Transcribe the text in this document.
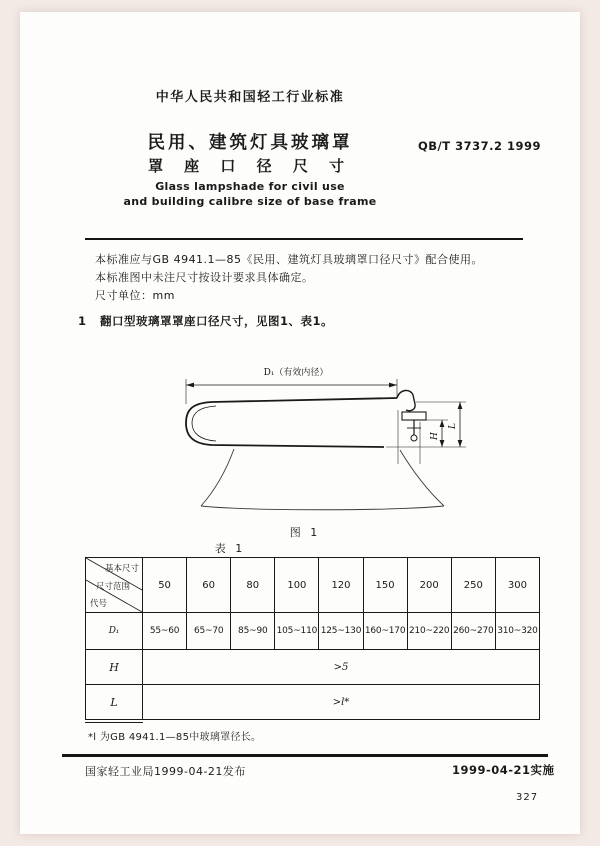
中华人民共和国轻工行业标准
民用、建筑灯具玻璃罩	QB/T 3737.2 1999
罩 座 口 径 尺 寸
Glass lampshade for civil use
and building calibre size of base frame
本标准应与GB 4941.1—85《民用、建筑灯具玻璃罩口径尺寸》配合使用。
本标准图中未注尺寸按设计要求具体确定。
尺寸单位：mm
1 翻口型玻璃罩罩座口径尺寸，见图1、表1。
D₁（有效内径）
H
L
图 1
表 1
基本尺寸
尺寸范围
代号	50	60	80	100	120	150	200	250	300
D₁	55~60	65~70	85~90	105~110	125~130	160~170	210~220	260~270	310~320
H	>5								
L	>l*								
*l 为GB 4941.1—85中玻璃罩径长。
国家轻工业局1999-04-21发布	1999-04-21实施
327
